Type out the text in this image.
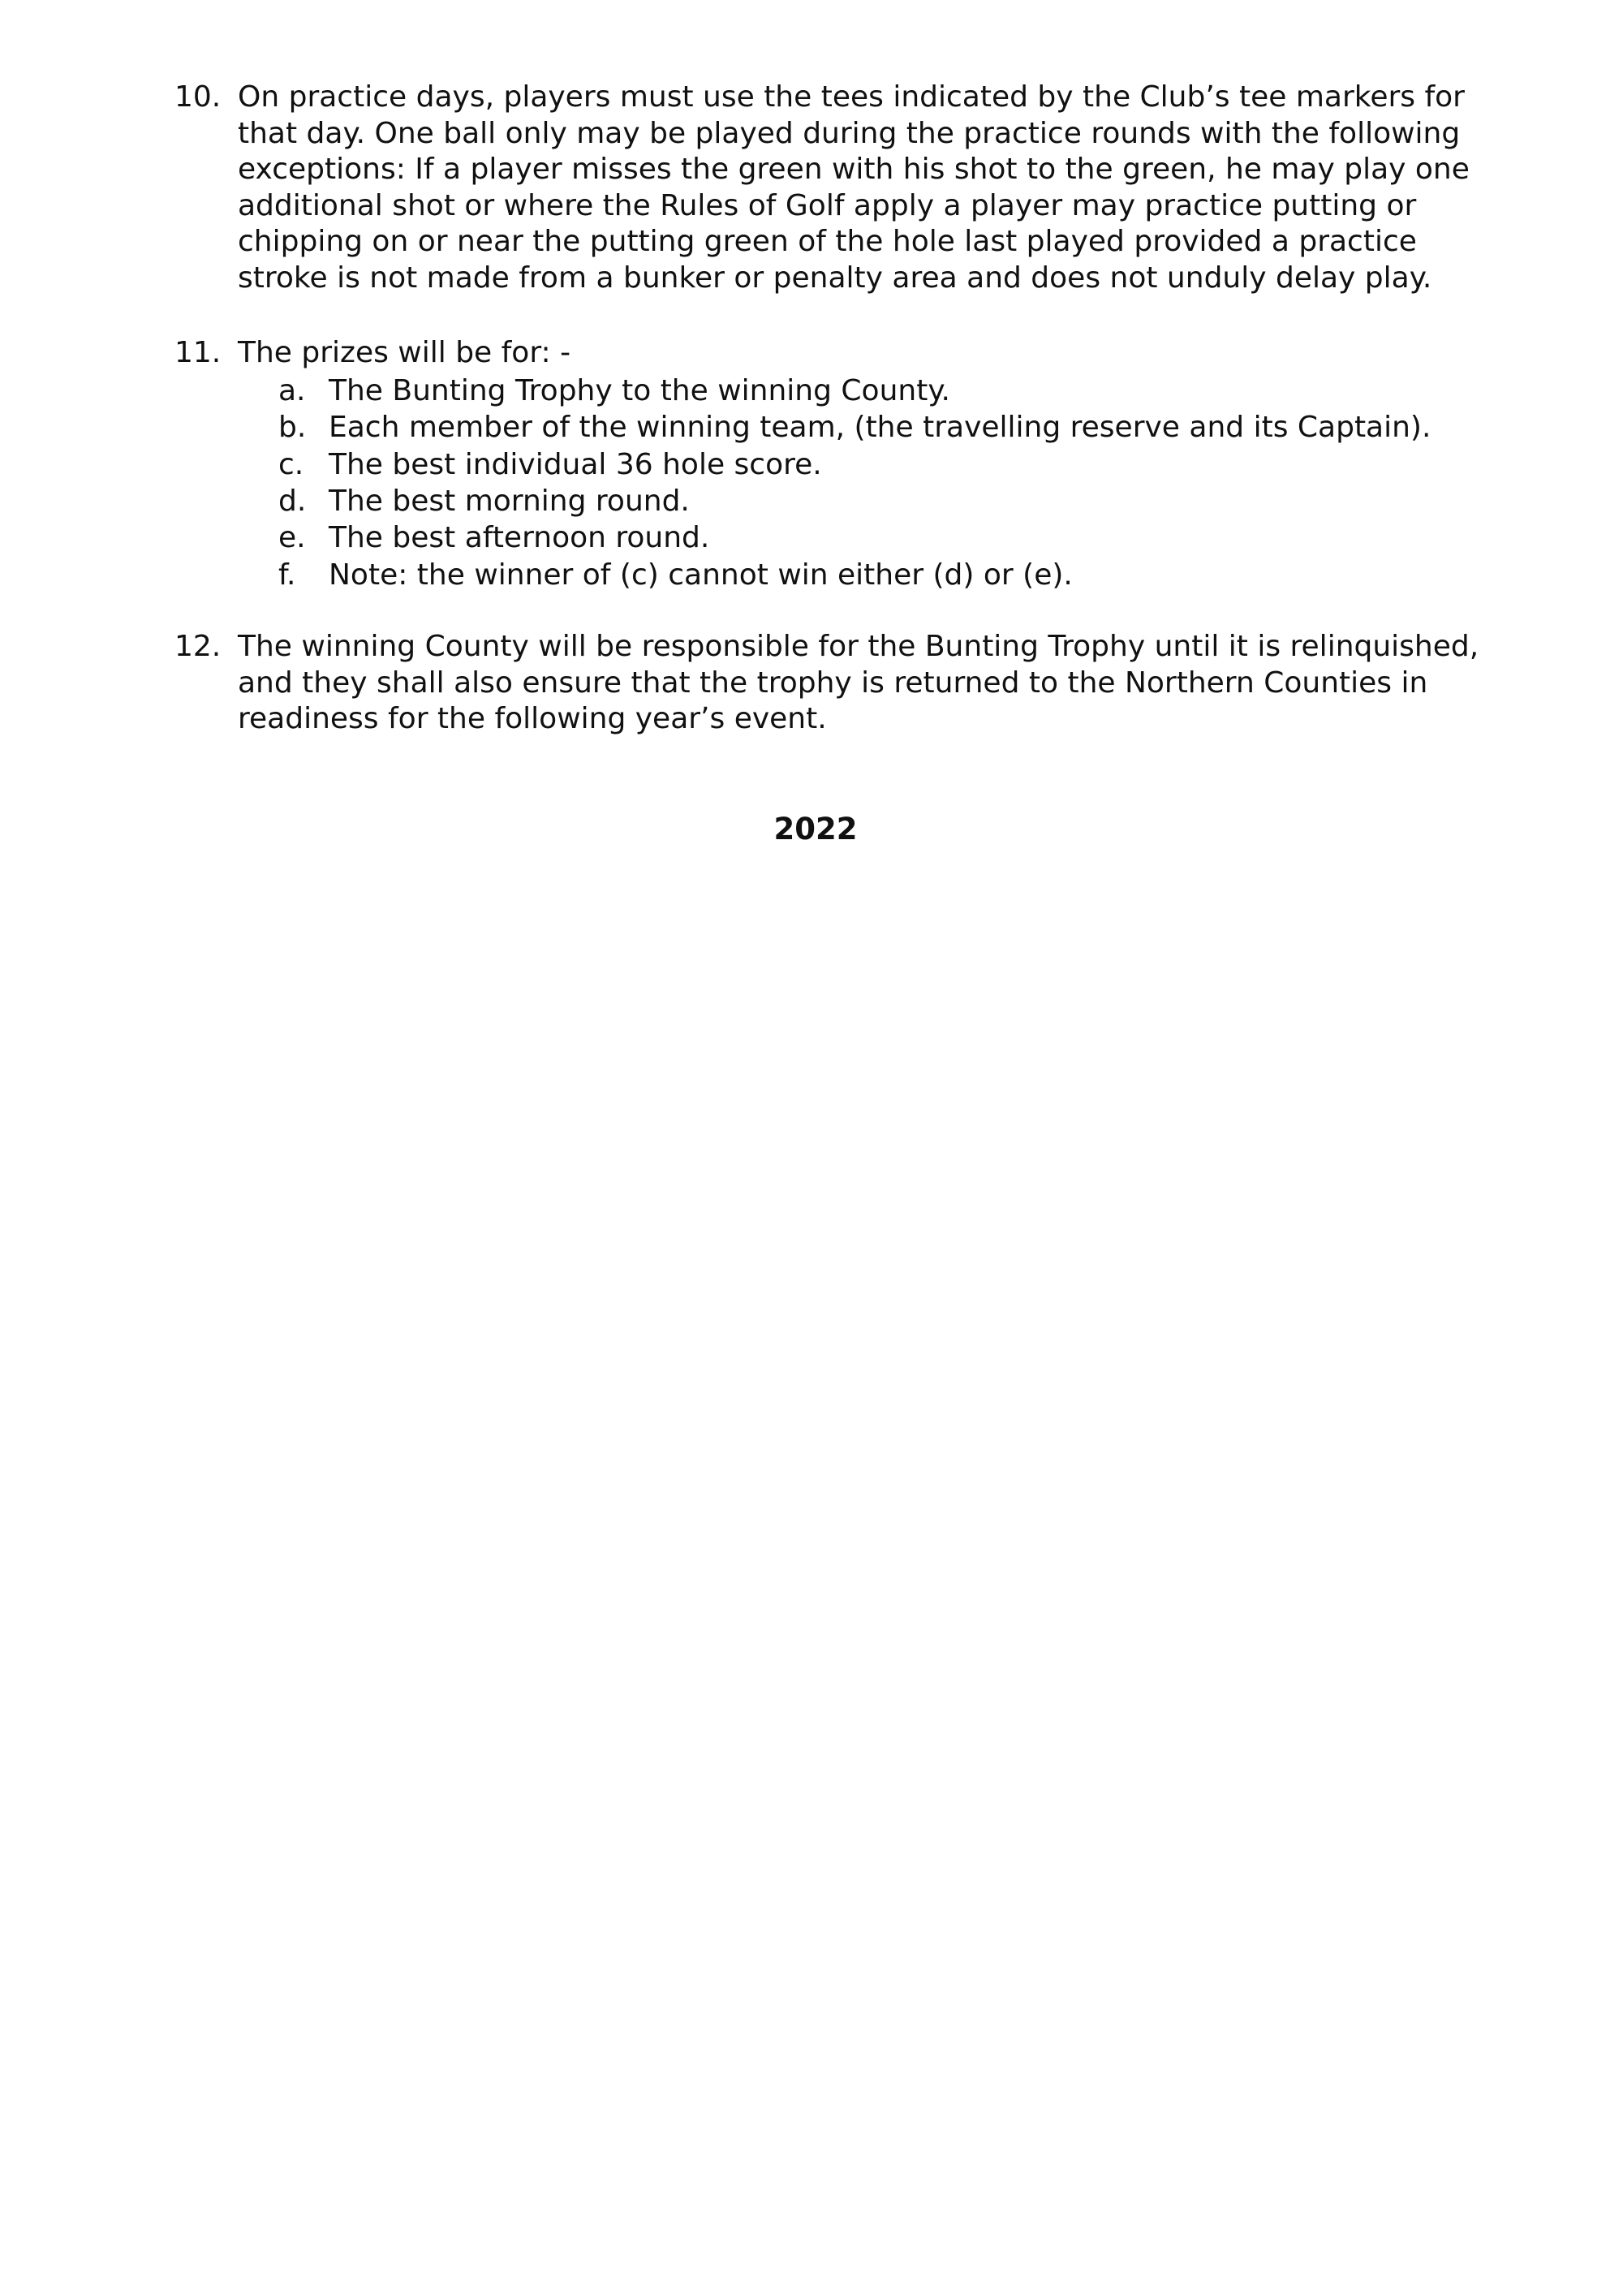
10. On practice days, players must use the tees indicated by the Club’s tee markers for
that day. One ball only may be played during the practice rounds with the following
exceptions: If a player misses the green with his shot to the green, he may play one
additional shot or where the Rules of Golf apply a player may practice putting or
chipping on or near the putting green of the hole last played provided a practice
stroke is not made from a bunker or penalty area and does not unduly delay play.
11. The prizes will be for: -
a. The Bunting Trophy to the winning County.
b. Each member of the winning team, (the travelling reserve and its Captain).
c. The best individual 36 hole score.
d. The best morning round.
e. The best afternoon round.
f. Note: the winner of (c) cannot win either (d) or (e).
12. The winning County will be responsible for the Bunting Trophy until it is relinquished,
and they shall also ensure that the trophy is returned to the Northern Counties in
readiness for the following year’s event.
2022
